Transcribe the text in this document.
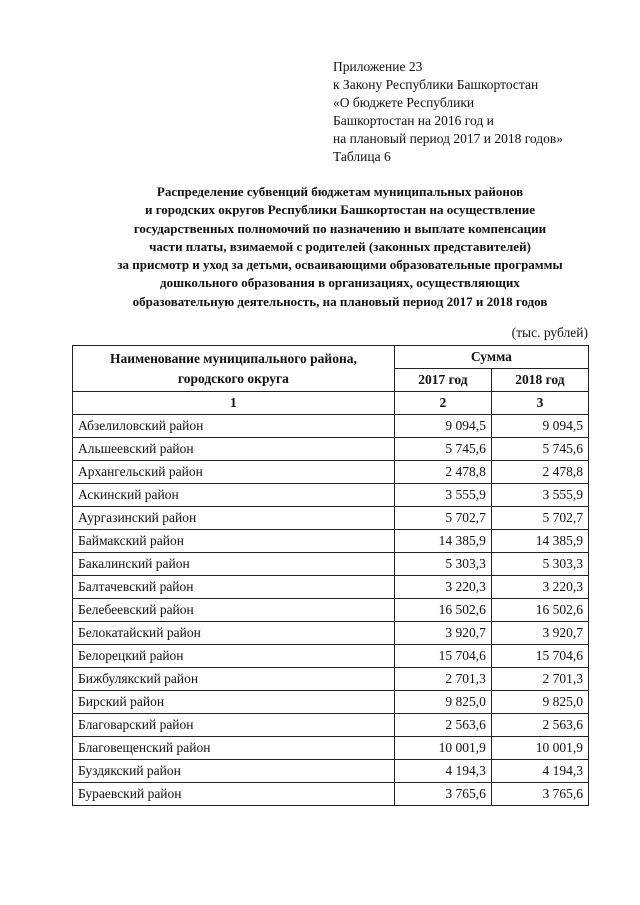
Приложение 23
к Закону Республики Башкортостан
«О бюджете Республики
Башкортостан на 2016 год и
на плановый период 2017 и 2018 годов»
Таблица 6
Распределение субвенций бюджетам муниципальных районов
и городских округов Республики Башкортостан на осуществление
государственных полномочий по назначению и выплате компенсации
части платы, взимаемой с родителей (законных представителей)
за присмотр и уход за детьми, осваивающими образовательные программы
дошкольного образования в организациях, осуществляющих
образовательную деятельность, на плановый период 2017 и 2018 годов
(тыс. рублей)
Наименование муниципального района, городского округа	Сумма	
	2017 год	2018 год
1	2	3
Абзелиловский район	9 094,5	9 094,5
Альшеевский район	5 745,6	5 745,6
Архангельский район	2 478,8	2 478,8
Аскинский район	3 555,9	3 555,9
Аургазинский район	5 702,7	5 702,7
Баймакский район	14 385,9	14 385,9
Бакалинский район	5 303,3	5 303,3
Балтачевский район	3 220,3	3 220,3
Белебеевский район	16 502,6	16 502,6
Белокатайский район	3 920,7	3 920,7
Белорецкий район	15 704,6	15 704,6
Бижбулякский район	2 701,3	2 701,3
Бирский район	9 825,0	9 825,0
Благоварский район	2 563,6	2 563,6
Благовещенский район	10 001,9	10 001,9
Буздякский район	4 194,3	4 194,3
Бураевский район	3 765,6	3 765,6
